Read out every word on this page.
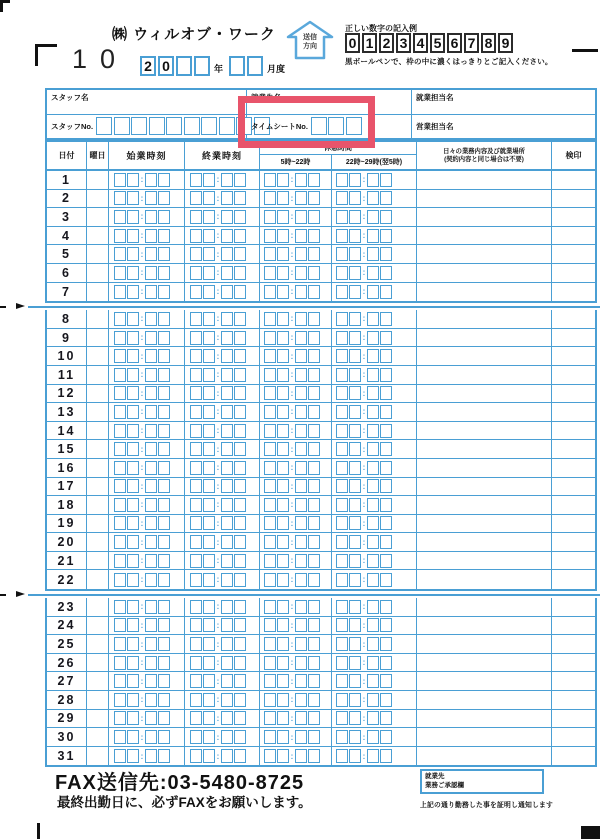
㈱ ウィルオブ・ワーク
10 2 0	年	月度
送信
方向
正しい数字の記入例
0 1 2 3 4 5 6 7 8 9
黒ボールペンで、枠の中に濃くはっきりとご記入ください。
スタッフ名
スタッフNo.
就業先名
タイムシートNo.
就業担当名
営業担当名
日付	曜日	始業時刻	終業時刻
休憩時間
5時~22時	22時~29時(翌5時)
日々の業務内容及び就業場所
(契約内容と同じ場合は不要)	検印
1	:	:	:	:
2	:	:	:	:
3	:	:	:	:
4	:	:	:	:
5	:	:	:	:
6	:	:	:	:
7	:	:	:	:
8	:	:	:	:
9	:	:	:	:
10	:	:	:	:
11	:	:	:	:
12	:	:	:	:
13	:	:	:	:
14	:	:	:	:
15	:	:	:	:
16	:	:	:	:
17	:	:	:	:
18	:	:	:	:
19	:	:	:	:
20	:	:	:	:
21	:	:	:	:
22	:	:	:	:
23	:	:	:	:
24	:	:	:	:
25	:	:	:	:
26	:	:	:	:
27	:	:	:	:
28	:	:	:	:
29	:	:	:	:
30	:	:	:	:
31	:	:	:	:
FAX送信先:03-5480-8725
最終出勤日に、必ずFAXをお願いします。
就業先
業務ご承認欄
上記の通り勤務した事を証明し通知します
